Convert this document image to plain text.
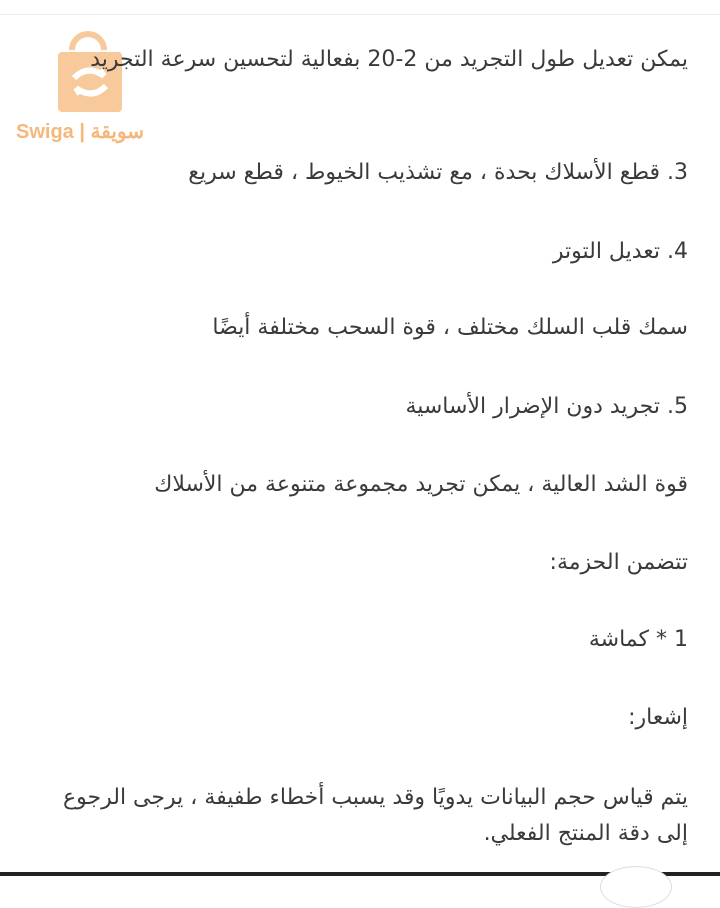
Swiga | سويقة

يمكن تعديل طول التجريد من 2-20 بفعالية لتحسين سرعة التجريد

3. قطع الأسلاك بحدة ، مع تشذيب الخيوط ، قطع سريع

4. تعديل التوتر

سمك قلب السلك مختلف ، قوة السحب مختلفة أيضًا

5. تجريد دون الإضرار الأساسية

قوة الشد العالية ، يمكن تجريد مجموعة متنوعة من الأسلاك

تتضمن الحزمة:

1 * كماشة

إشعار:

يتم قياس حجم البيانات يدويًا وقد يسبب أخطاء طفيفة ، يرجى الرجوع إلى دقة المنتج الفعلي.
